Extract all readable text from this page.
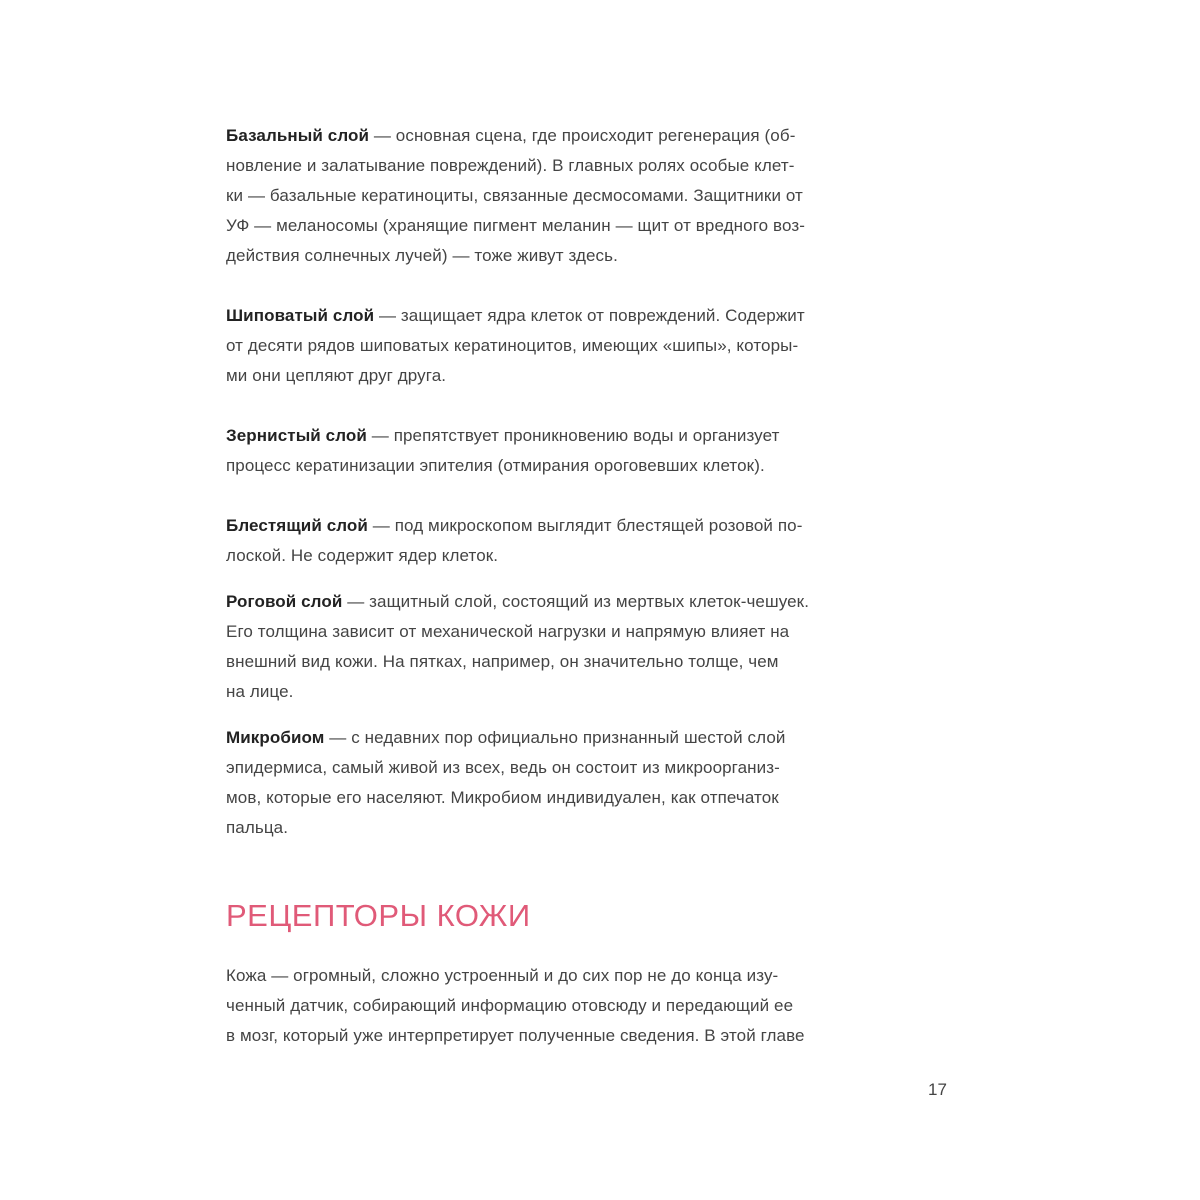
Базальный слой — основная сцена, где происходит регенерация (об-
новление и залатывание повреждений). В главных ролях особые клет-
ки — базальные кератиноциты, связанные десмосомами. Защитники от
УФ — меланосомы (хранящие пигмент меланин — щит от вредного воз-
действия солнечных лучей) — тоже живут здесь.

Шиповатый слой — защищает ядра клеток от повреждений. Содержит
от десяти рядов шиповатых кератиноцитов, имеющих «шипы», которы-
ми они цепляют друг друга.

Зернистый слой — препятствует проникновению воды и организует
процесс кератинизации эпителия (отмирания ороговевших клеток).

Блестящий слой — под микроскопом выглядит блестящей розовой по-
лоской. Не содержит ядер клеток.

Роговой слой — защитный слой, состоящий из мертвых клеток-чешуек.
Его толщина зависит от механической нагрузки и напрямую влияет на
внешний вид кожи. На пятках, например, он значительно толще, чем
на лице.

Микробиом — с недавних пор официально признанный шестой слой
эпидермиса, самый живой из всех, ведь он состоит из микроорганиз-
мов, которые его населяют. Микробиом индивидуален, как отпечаток
пальца.

РЕЦЕПТОРЫ КОЖИ

Кожа — огромный, сложно устроенный и до сих пор не до конца изу-
ченный датчик, собирающий информацию отовсюду и передающий ее
в мозг, который уже интерпретирует полученные сведения. В этой главе

17
